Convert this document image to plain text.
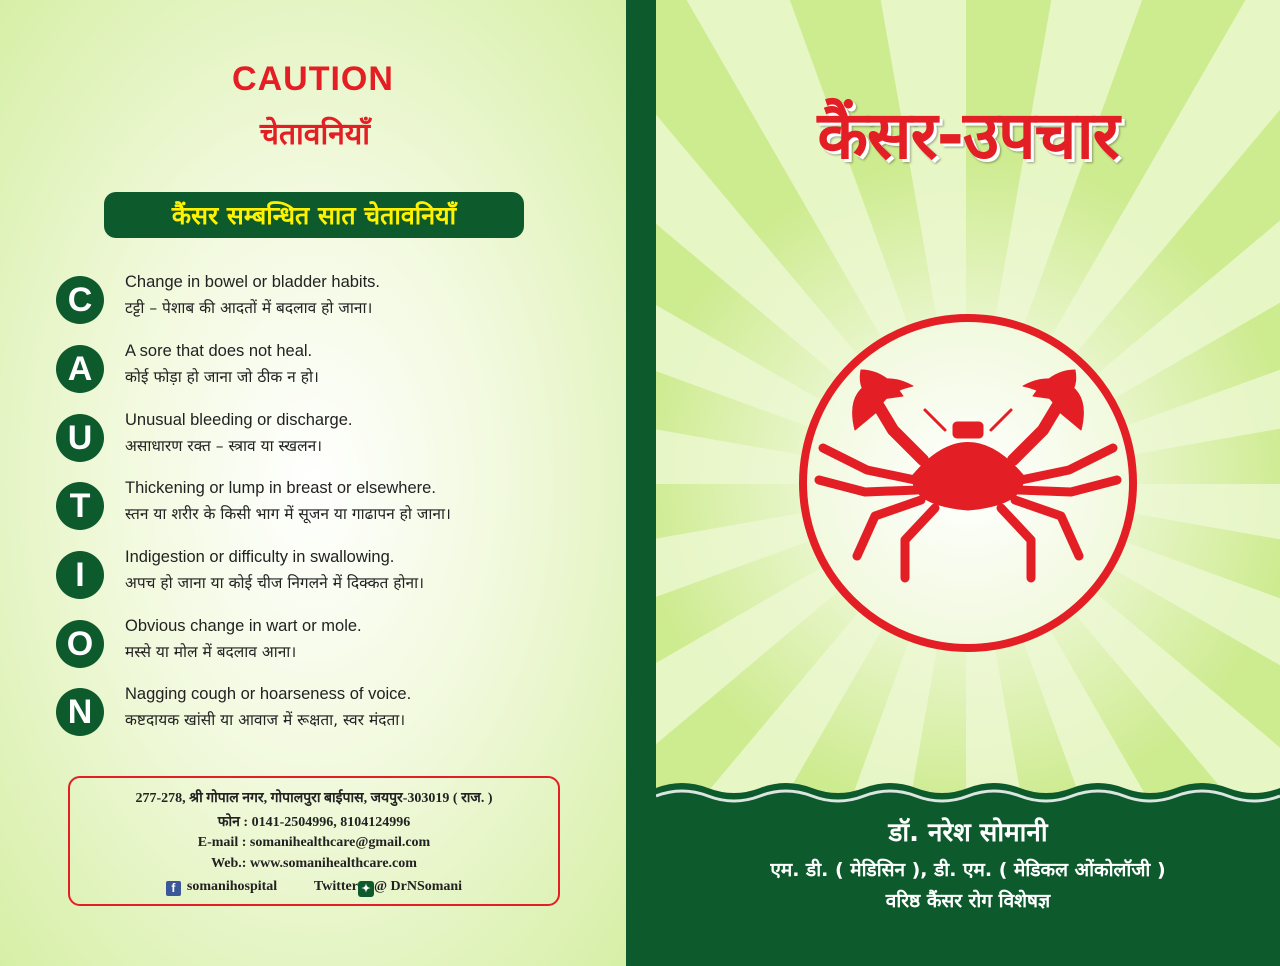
CAUTION
चेतावनियाँ
कैंसर सम्बन्धित सात चेतावनियाँ
C	Change in bowel or bladder habits.
टट्टी – पेशाब की आदतों में बदलाव हो जाना।
A	A sore that does not heal.
कोई फोड़ा हो जाना जो ठीक न हो।
U	Unusual bleeding or discharge.
असाधारण रक्त – स्त्राव या स्खलन।
T	Thickening or lump in breast or elsewhere.
स्तन या शरीर के किसी भाग में सूजन या गाढापन हो जाना।
I	Indigestion or difficulty in swallowing.
अपच हो जाना या कोई चीज निगलने में दिक्कत होना।
O	Obvious change in wart or mole.
मस्से या मोल में बदलाव आना।
N	Nagging cough or hoarseness of voice.
कष्टदायक खांसी या आवाज में रूक्षता, स्वर मंदता।
277-278, श्री गोपाल नगर, गोपालपुरा बाईपास, जयपुर-303019 ( राज. )
फोन : 0141-2504996, 8104124996
E-mail : somanihealthcare@gmail.com
Web.: www.somanihealthcare.com
f somanihospital	Twitter ✦ @ DrNSomani
कैंसर-उपचार
डॉ. नरेश सोमानी
एम. डी. ( मेडिसिन ), डी. एम. ( मेडिकल ओंकोलॉजी )
वरिष्ठ कैंसर रोग विशेषज्ञ
